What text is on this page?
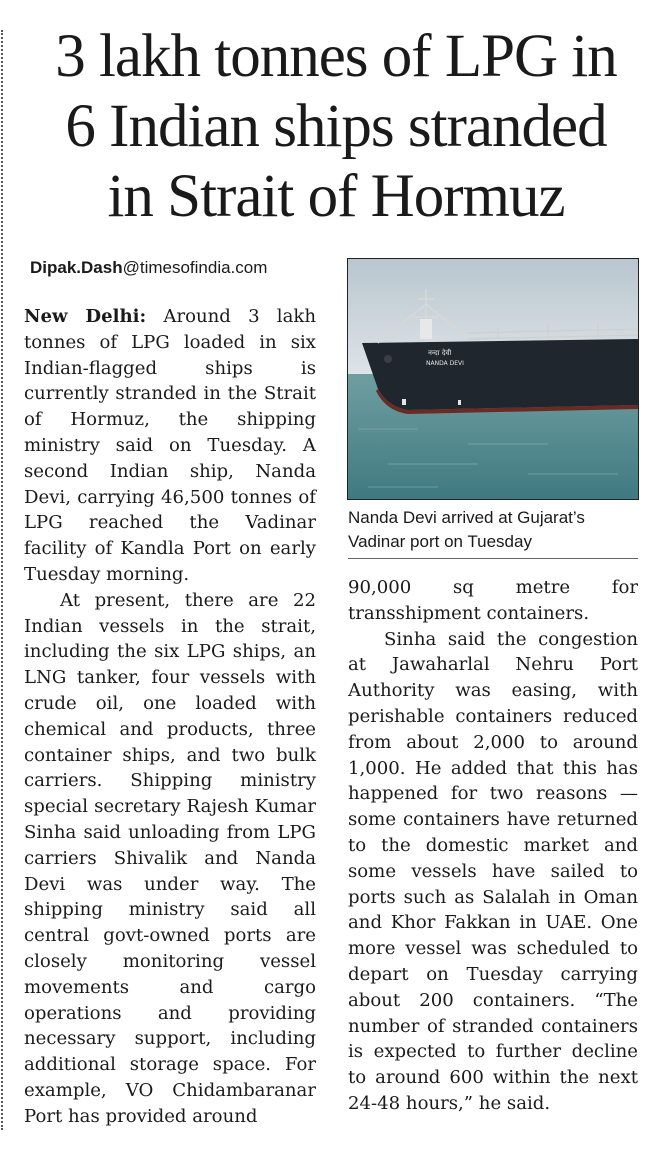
3 lakh tonnes of LPG in
6 Indian ships stranded
in Strait of Hormuz
Dipak.Dash@timesofindia.com

New Delhi: Around 3 lakh tonnes of LPG loaded in six Indian-flagged ships is currently stranded in the Strait of Hormuz, the shipping ministry said on Tuesday. A second Indian ship, Nanda Devi, carrying 46,500 tonnes of LPG reached the Vadinar facility of Kandla Port on early Tuesday morning.

At present, there are 22 Indian vessels in the strait, including the six LPG ships, an LNG tanker, four vessels with crude oil, one loaded with chemical and products, three container ships, and two bulk carriers. Shipping ministry special secretary Rajesh Kumar Sinha said unloading from LPG carriers Shivalik and Nanda Devi was under way. The shipping ministry said all central govt-owned ports are closely monitoring vessel movements and cargo operations and providing necessary support, including additional storage space. For example, VO Chidambaranar Port has provided around

नन्दा देवी
NANDA DEVI
Nanda Devi arrived at Gujarat’s Vadinar port on Tuesday

90,000 sq metre for transshipment containers.

Sinha said the congestion at Jawaharlal Nehru Port Authority was easing, with perishable containers reduced from about 2,000 to around 1,000. He added that this has happened for two reasons — some containers have returned to the domestic market and some vessels have sailed to ports such as Salalah in Oman and Khor Fakkan in UAE. One more vessel was scheduled to depart on Tuesday carrying about 200 containers. “The number of stranded containers is expected to further decline to around 600 within the next 24-48 hours,” he said.
